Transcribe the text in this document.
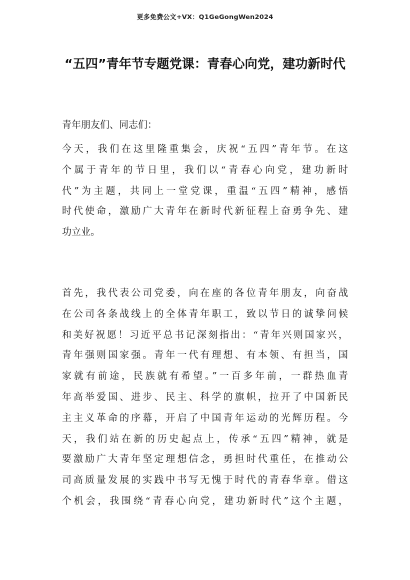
更多免费公文+VX：Q1GeGongWen2024
“五四”青年节专题党课：青春心向党，建功新时代
青年朋友们、同志们：
今天，我们在这里隆重集会，庆祝“五四”青年节。在这
个属于青年的节日里，我们以“青春心向党，建功新时
代”为主题，共同上一堂党课，重温“五四”精神，感悟
时代使命，激励广大青年在新时代新征程上奋勇争先、建
功立业。
首先，我代表公司党委，向在座的各位青年朋友，向奋战
在公司各条战线上的全体青年职工，致以节日的诚挚问候
和美好祝愿！习近平总书记深刻指出：“青年兴则国家兴，
青年强则国家强。青年一代有理想、有本领、有担当，国
家就有前途，民族就有希望。”一百多年前，一群热血青
年高举爱国、进步、民主、科学的旗帜，拉开了中国新民
主主义革命的序幕，开启了中国青年运动的光辉历程。今
天，我们站在新的历史起点上，传承“五四”精神，就是
要激励广大青年坚定理想信念，勇担时代重任，在推动公
司高质量发展的实践中书写无愧于时代的青春华章。借这
个机会，我围绕“青春心向党，建功新时代”这个主题，
